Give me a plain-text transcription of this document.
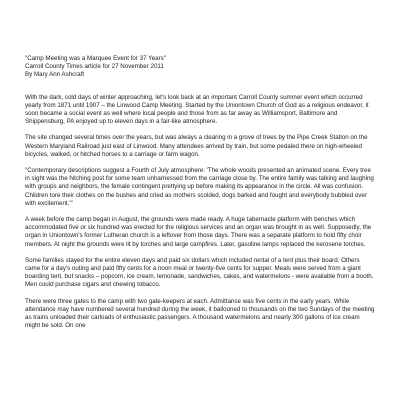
"Camp Meeting was a Marquee Event for 37 Years"

Carroll County Times article for 27 November 2011

By Mary Ann Ashcraft

With the dark, cold days of winter approaching, let's look back at an important Carroll County summer event which occurred yearly from 1871 until 1907 – the Linwood Camp Meeting. Started by the Uniontown Church of God as a religious endeavor, it soon became a social event as well where local people and those from as far away as Williamsport, Baltimore and Shippensburg, PA enjoyed up to eleven days in a fair-like atmosphere.

The site changed several times over the years, but was always a clearing in a grove of trees by the Pipe Creek Station on the Western Maryland Railroad just east of Linwood. Many attendees arrived by train, but some pedaled there on high-wheeled bicycles, walked, or hitched horses to a carriage or farm wagon.

"Contemporary descriptions suggest a Fourth of July atmosphere: 'The whole woods presented an animated scene. Every tree in sight was the hitching post for some team unharnessed from the carriage close by. The entire family was talking and laughing with groups and neighbors, the female contingent prettying up before making its appearance in the circle. All was confusion. Children tore their clothes on the bushes and cried as mothers scolded, dogs barked and fought and everybody bubbled over with excitement.'"

A week before the camp began in August, the grounds were made ready. A huge tabernacle platform with benches which accommodated five or six hundred was erected for the religious services and an organ was brought in as well. Supposedly, the organ in Uniontown's former Lutheran church is a leftover from those days. There was a separate platform to hold fifty choir members. At night the grounds were lit by torches and large campfires. Later, gasoline lamps replaced the kerosene torches.

Some families stayed for the entire eleven days and paid six dollars which included rental of a tent plus their board. Others came for a day's outing and paid fifty cents for a noon meal or twenty-five cents for supper. Meals were served from a giant boarding tent, but snacks – popcorn, ice cream, lemonade, sandwiches, cakes, and watermelons - were available from a booth. Men could purchase cigars and chewing tobacco.

There were three gates to the camp with two gate-keepers at each. Admittance was five cents in the early years. While attendance may have numbered several hundred during the week, it ballooned to thousands on the two Sundays of the meeting as trains unloaded their carloads of enthusiastic passengers. A thousand watermelons and nearly 300 gallons of ice cream might be sold. On one
